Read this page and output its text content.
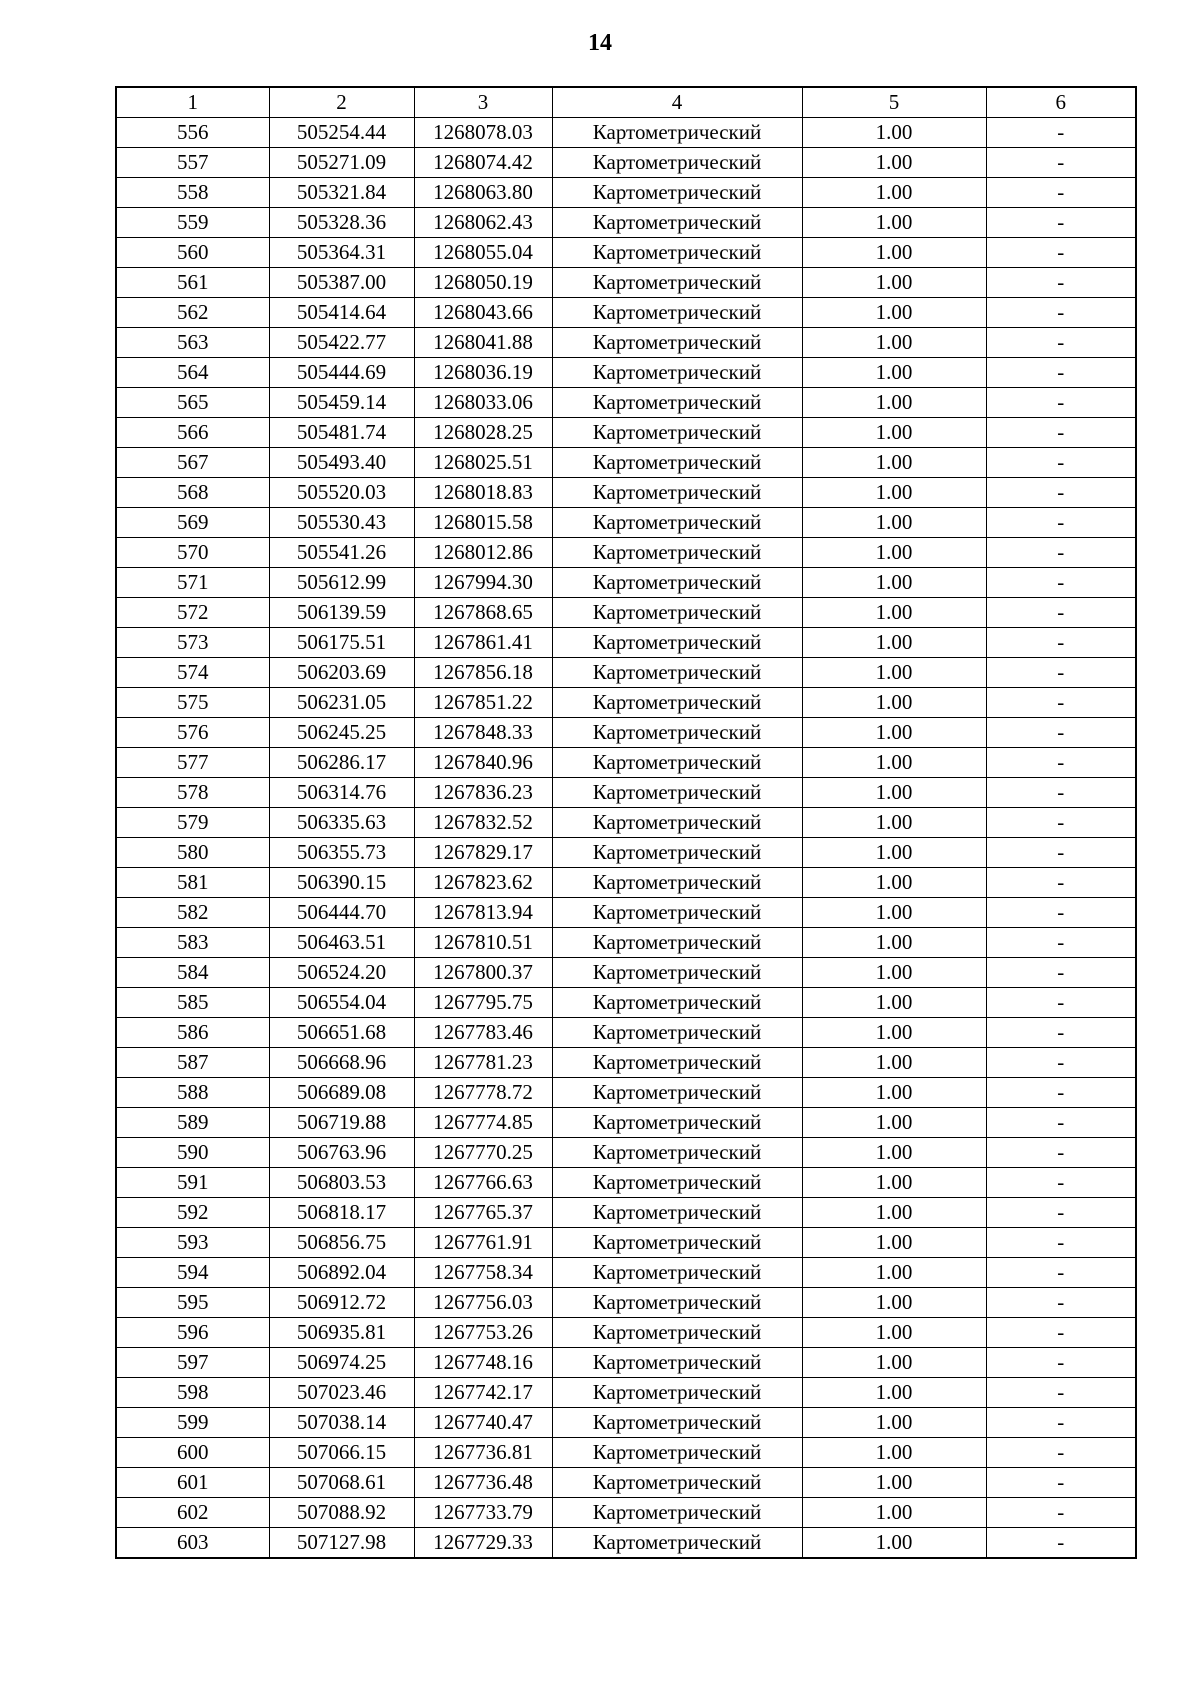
14
1	2	3	4	5	6
556	505254.44	1268078.03	Картометрический	1.00	-
557	505271.09	1268074.42	Картометрический	1.00	-
558	505321.84	1268063.80	Картометрический	1.00	-
559	505328.36	1268062.43	Картометрический	1.00	-
560	505364.31	1268055.04	Картометрический	1.00	-
561	505387.00	1268050.19	Картометрический	1.00	-
562	505414.64	1268043.66	Картометрический	1.00	-
563	505422.77	1268041.88	Картометрический	1.00	-
564	505444.69	1268036.19	Картометрический	1.00	-
565	505459.14	1268033.06	Картометрический	1.00	-
566	505481.74	1268028.25	Картометрический	1.00	-
567	505493.40	1268025.51	Картометрический	1.00	-
568	505520.03	1268018.83	Картометрический	1.00	-
569	505530.43	1268015.58	Картометрический	1.00	-
570	505541.26	1268012.86	Картометрический	1.00	-
571	505612.99	1267994.30	Картометрический	1.00	-
572	506139.59	1267868.65	Картометрический	1.00	-
573	506175.51	1267861.41	Картометрический	1.00	-
574	506203.69	1267856.18	Картометрический	1.00	-
575	506231.05	1267851.22	Картометрический	1.00	-
576	506245.25	1267848.33	Картометрический	1.00	-
577	506286.17	1267840.96	Картометрический	1.00	-
578	506314.76	1267836.23	Картометрический	1.00	-
579	506335.63	1267832.52	Картометрический	1.00	-
580	506355.73	1267829.17	Картометрический	1.00	-
581	506390.15	1267823.62	Картометрический	1.00	-
582	506444.70	1267813.94	Картометрический	1.00	-
583	506463.51	1267810.51	Картометрический	1.00	-
584	506524.20	1267800.37	Картометрический	1.00	-
585	506554.04	1267795.75	Картометрический	1.00	-
586	506651.68	1267783.46	Картометрический	1.00	-
587	506668.96	1267781.23	Картометрический	1.00	-
588	506689.08	1267778.72	Картометрический	1.00	-
589	506719.88	1267774.85	Картометрический	1.00	-
590	506763.96	1267770.25	Картометрический	1.00	-
591	506803.53	1267766.63	Картометрический	1.00	-
592	506818.17	1267765.37	Картометрический	1.00	-
593	506856.75	1267761.91	Картометрический	1.00	-
594	506892.04	1267758.34	Картометрический	1.00	-
595	506912.72	1267756.03	Картометрический	1.00	-
596	506935.81	1267753.26	Картометрический	1.00	-
597	506974.25	1267748.16	Картометрический	1.00	-
598	507023.46	1267742.17	Картометрический	1.00	-
599	507038.14	1267740.47	Картометрический	1.00	-
600	507066.15	1267736.81	Картометрический	1.00	-
601	507068.61	1267736.48	Картометрический	1.00	-
602	507088.92	1267733.79	Картометрический	1.00	-
603	507127.98	1267729.33	Картометрический	1.00	-
